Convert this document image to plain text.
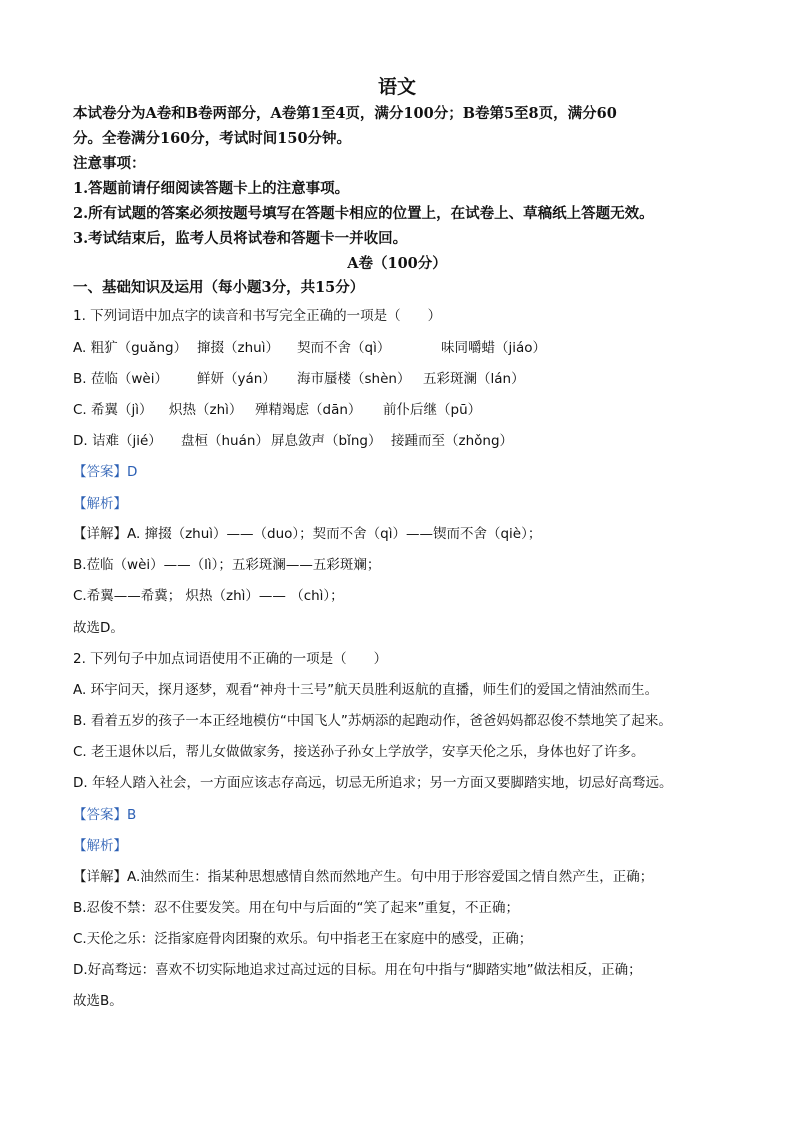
语文
本试卷分为A卷和B卷两部分，A卷第1至4页，满分100分；B卷第5至8页，满分60
分。全卷满分160分，考试时间150分钟。
注意事项：
1.答题前请仔细阅读答题卡上的注意事项。
2.所有试题的答案必须按题号填写在答题卡相应的位置上，在试卷上、草稿纸上答题无效。
3.考试结束后，监考人员将试卷和答题卡一并收回。
A卷（100分）
一、基础知识及运用（每小题3分，共15分）
1. 下列词语中加点字的读音和书写完全正确的一项是（　　）
A. 粗犷（guǎng） 撺掇（zhuì） 契而不舍（qì）	味同嚼蜡（jiáo）
B. 莅临（wèi） 鲜妍（yán） 海市蜃楼（shèn） 五彩斑澜（lán）
C. 希翼（jì） 炽热（zhì） 殚精竭虑（dān） 前仆后继（pū）
D. 诘难（jié） 盘桓（huán） 屏息敛声（bǐng） 接踵而至（zhǒng）
【答案】D
【解析】
【详解】A. 撺掇（zhuì）——（duo）；契而不舍（qì）——锲而不舍（qiè）；
B.莅临（wèi）——（lì）；五彩斑澜——五彩斑斓；
C.希翼——希冀； 炽热（zhì）—— （chì）；
故选D。
2. 下列句子中加点词语使用不正确的一项是（　　）
A. 环宇问天，探月逐梦，观看“神舟十三号”航天员胜利返航的直播，师生们的爱国之情油然而生。
B. 看着五岁的孩子一本正经地模仿“中国飞人”苏炳添的起跑动作，爸爸妈妈都忍俊不禁地笑了起来。
C. 老王退休以后，帮儿女做做家务，接送孙子孙女上学放学，安享天伦之乐，身体也好了许多。
D. 年轻人踏入社会，一方面应该志存高远，切忌无所追求；另一方面又要脚踏实地，切忌好高骛远。
【答案】B
【解析】
【详解】A.油然而生：指某种思想感情自然而然地产生。句中用于形容爱国之情自然产生，正确；
B.忍俊不禁：忍不住要发笑。用在句中与后面的“笑了起来”重复，不正确；
C.天伦之乐：泛指家庭骨肉团聚的欢乐。句中指老王在家庭中的感受，正确；
D.好高骛远：喜欢不切实际地追求过高过远的目标。用在句中指与“脚踏实地”做法相反，正确；
故选B。
